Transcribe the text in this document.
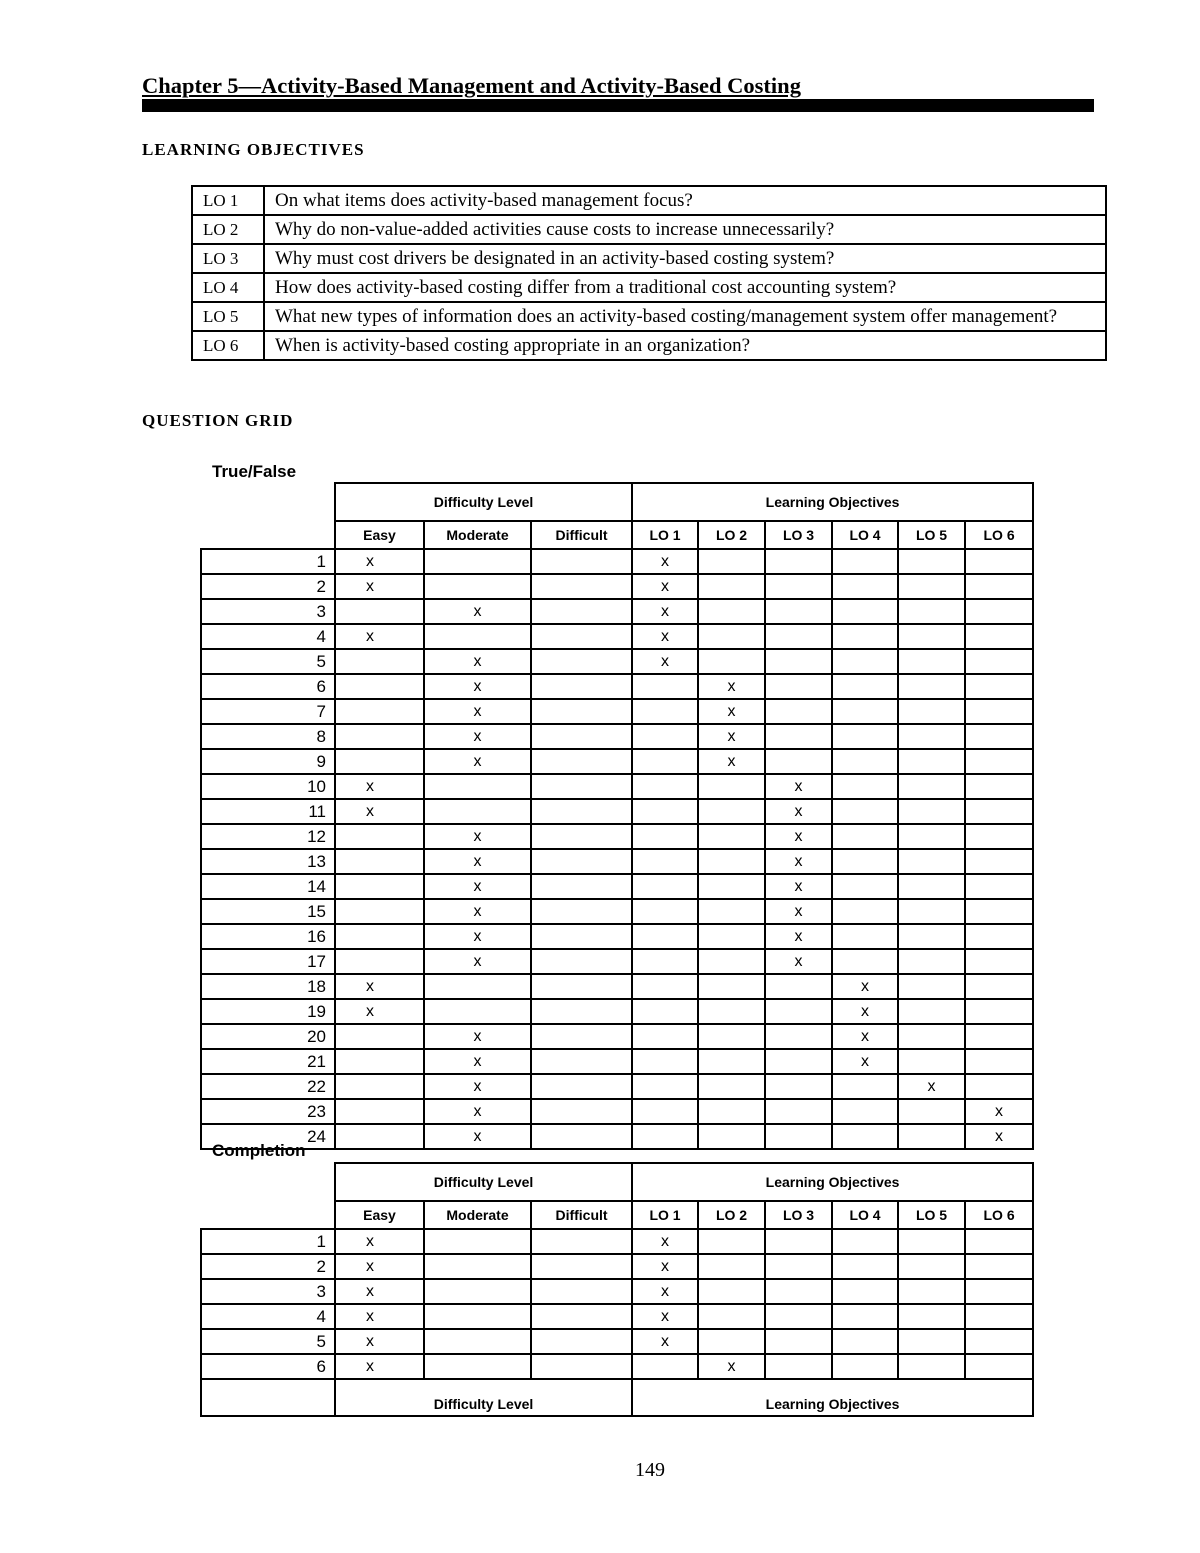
Chapter 5—Activity-Based Management and Activity-Based Costing
LEARNING OBJECTIVES
LO 1	On what items does activity-based management focus?
LO 2	Why do non-value-added activities cause costs to increase unnecessarily?
LO 3	Why must cost drivers be designated in an activity-based costing system?
LO 4	How does activity-based costing differ from a traditional cost accounting system?
LO 5	What new types of information does an activity-based costing/management system offer management?
LO 6	When is activity-based costing appropriate in an organization?
QUESTION GRID
True/False
	Difficulty Level			Learning Objectives					
	Easy	Moderate	Difficult	LO 1	LO 2	LO 3	LO 4	LO 5	LO 6
1	x			x					
2	x			x					
3		x		x					
4	x			x					
5		x		x					
6		x			x				
7		x			x				
8		x			x				
9		x			x				
10	x					x			
11	x					x			
12		x				x			
13		x				x			
14		x				x			
15		x				x			
16		x				x			
17		x				x			
18	x						x		
19	x						x		
20		x					x		
21		x					x		
22		x						x	
23		x							x
24		x							x
Completion
	Difficulty Level			Learning Objectives					
	Easy	Moderate	Difficult	LO 1	LO 2	LO 3	LO 4	LO 5	LO 6
1	x			x					
2	x			x					
3	x			x					
4	x			x					
5	x			x					
6	x				x				
	Difficulty Level			Learning Objectives					
149
